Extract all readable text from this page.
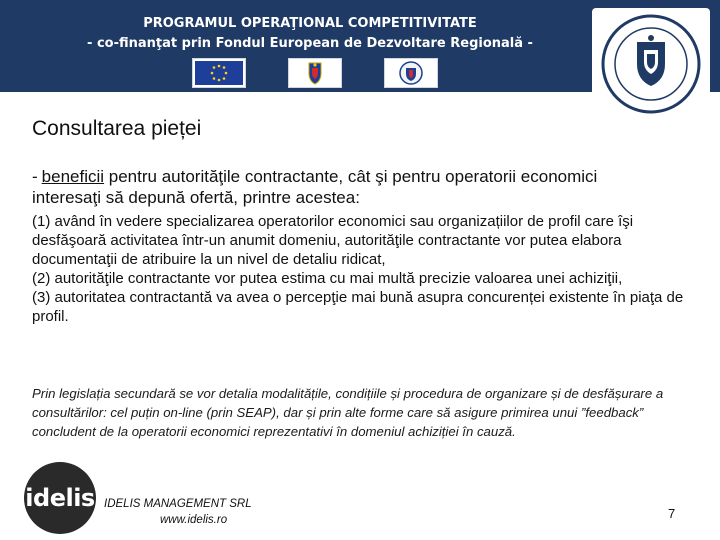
PROGRAMUL OPERAŢIONAL COMPETITIVITATE
- co-finanţat prin Fondul European de Dezvoltare Regională -
Consultarea pieței
- beneficii pentru autorităţile contractante, cât şi pentru operatorii economici interesaţi să depună ofertă, printre acestea:

(1) având în vedere specializarea operatorilor economici sau organizațiilor de profil care îşi desfăşoară activitatea într-un anumit domeniu, autorităţile contractante vor putea elabora documentaţii de atribuire la un nivel de detaliu ridicat,

(2) autorităţile contractante vor putea estima cu mai multă precizie valoarea unei achiziţii,

(3) autoritatea contractantă va avea o percepţie mai bună asupra concurenței existente în piaţa de profil.

Prin legislația secundară se vor detalia modalitățile, condițiile și procedura de organizare și de desfășurare a consultărilor: cel puțin on-line (prin SEAP), dar și prin alte forme care să asigure primirea unui ”feedback” concludent de la operatorii economici reprezentativi în domeniul achiziției în cauză.
idelis IDELIS MANAGEMENT SRL
www.idelis.ro	7
